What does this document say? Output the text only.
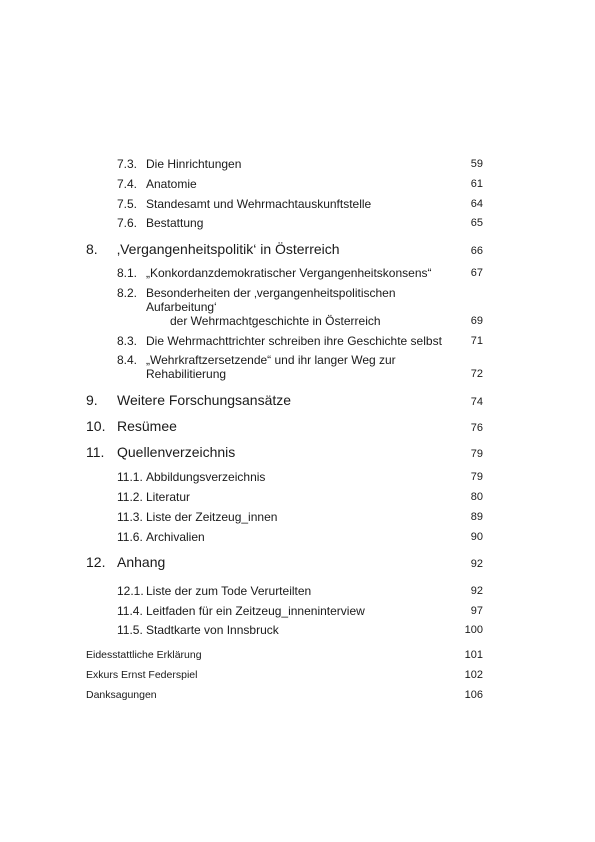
7.3. Die Hinrichtungen	59
7.4. Anatomie	61
7.5. Standesamt und Wehrmachtauskunftstelle	64
7.6. Bestattung	65
8. ‚Vergangenheitspolitik‘ in Österreich	66
8.1. „Konkordanzdemokratischer Vergangenheitskonsens“	67
8.2. Besonderheiten der ‚vergangenheitspolitischen
Aufarbeitung‘
der Wehrmachtgeschichte in Österreich	69
8.3. Die Wehrmachttrichter schreiben ihre Geschichte selbst	71
8.4. „Wehrkraftzersetzende“ und ihr langer Weg zur
Rehabilitierung	72
9. Weitere Forschungsansätze	74
10. Resümee	76
11. Quellenverzeichnis	79
11.1. Abbildungsverzeichnis	79
11.2. Literatur	80
11.3. Liste der Zeitzeug_innen	89
11.6. Archivalien	90
12. Anhang	92
12.1. Liste der zum Tode Verurteilten	92
11.4. Leitfaden für ein Zeitzeug_inneninterview	97
11.5. Stadtkarte von Innsbruck	100
Eidesstattliche Erklärung	101
Exkurs Ernst Federspiel	102
Danksagungen	106
